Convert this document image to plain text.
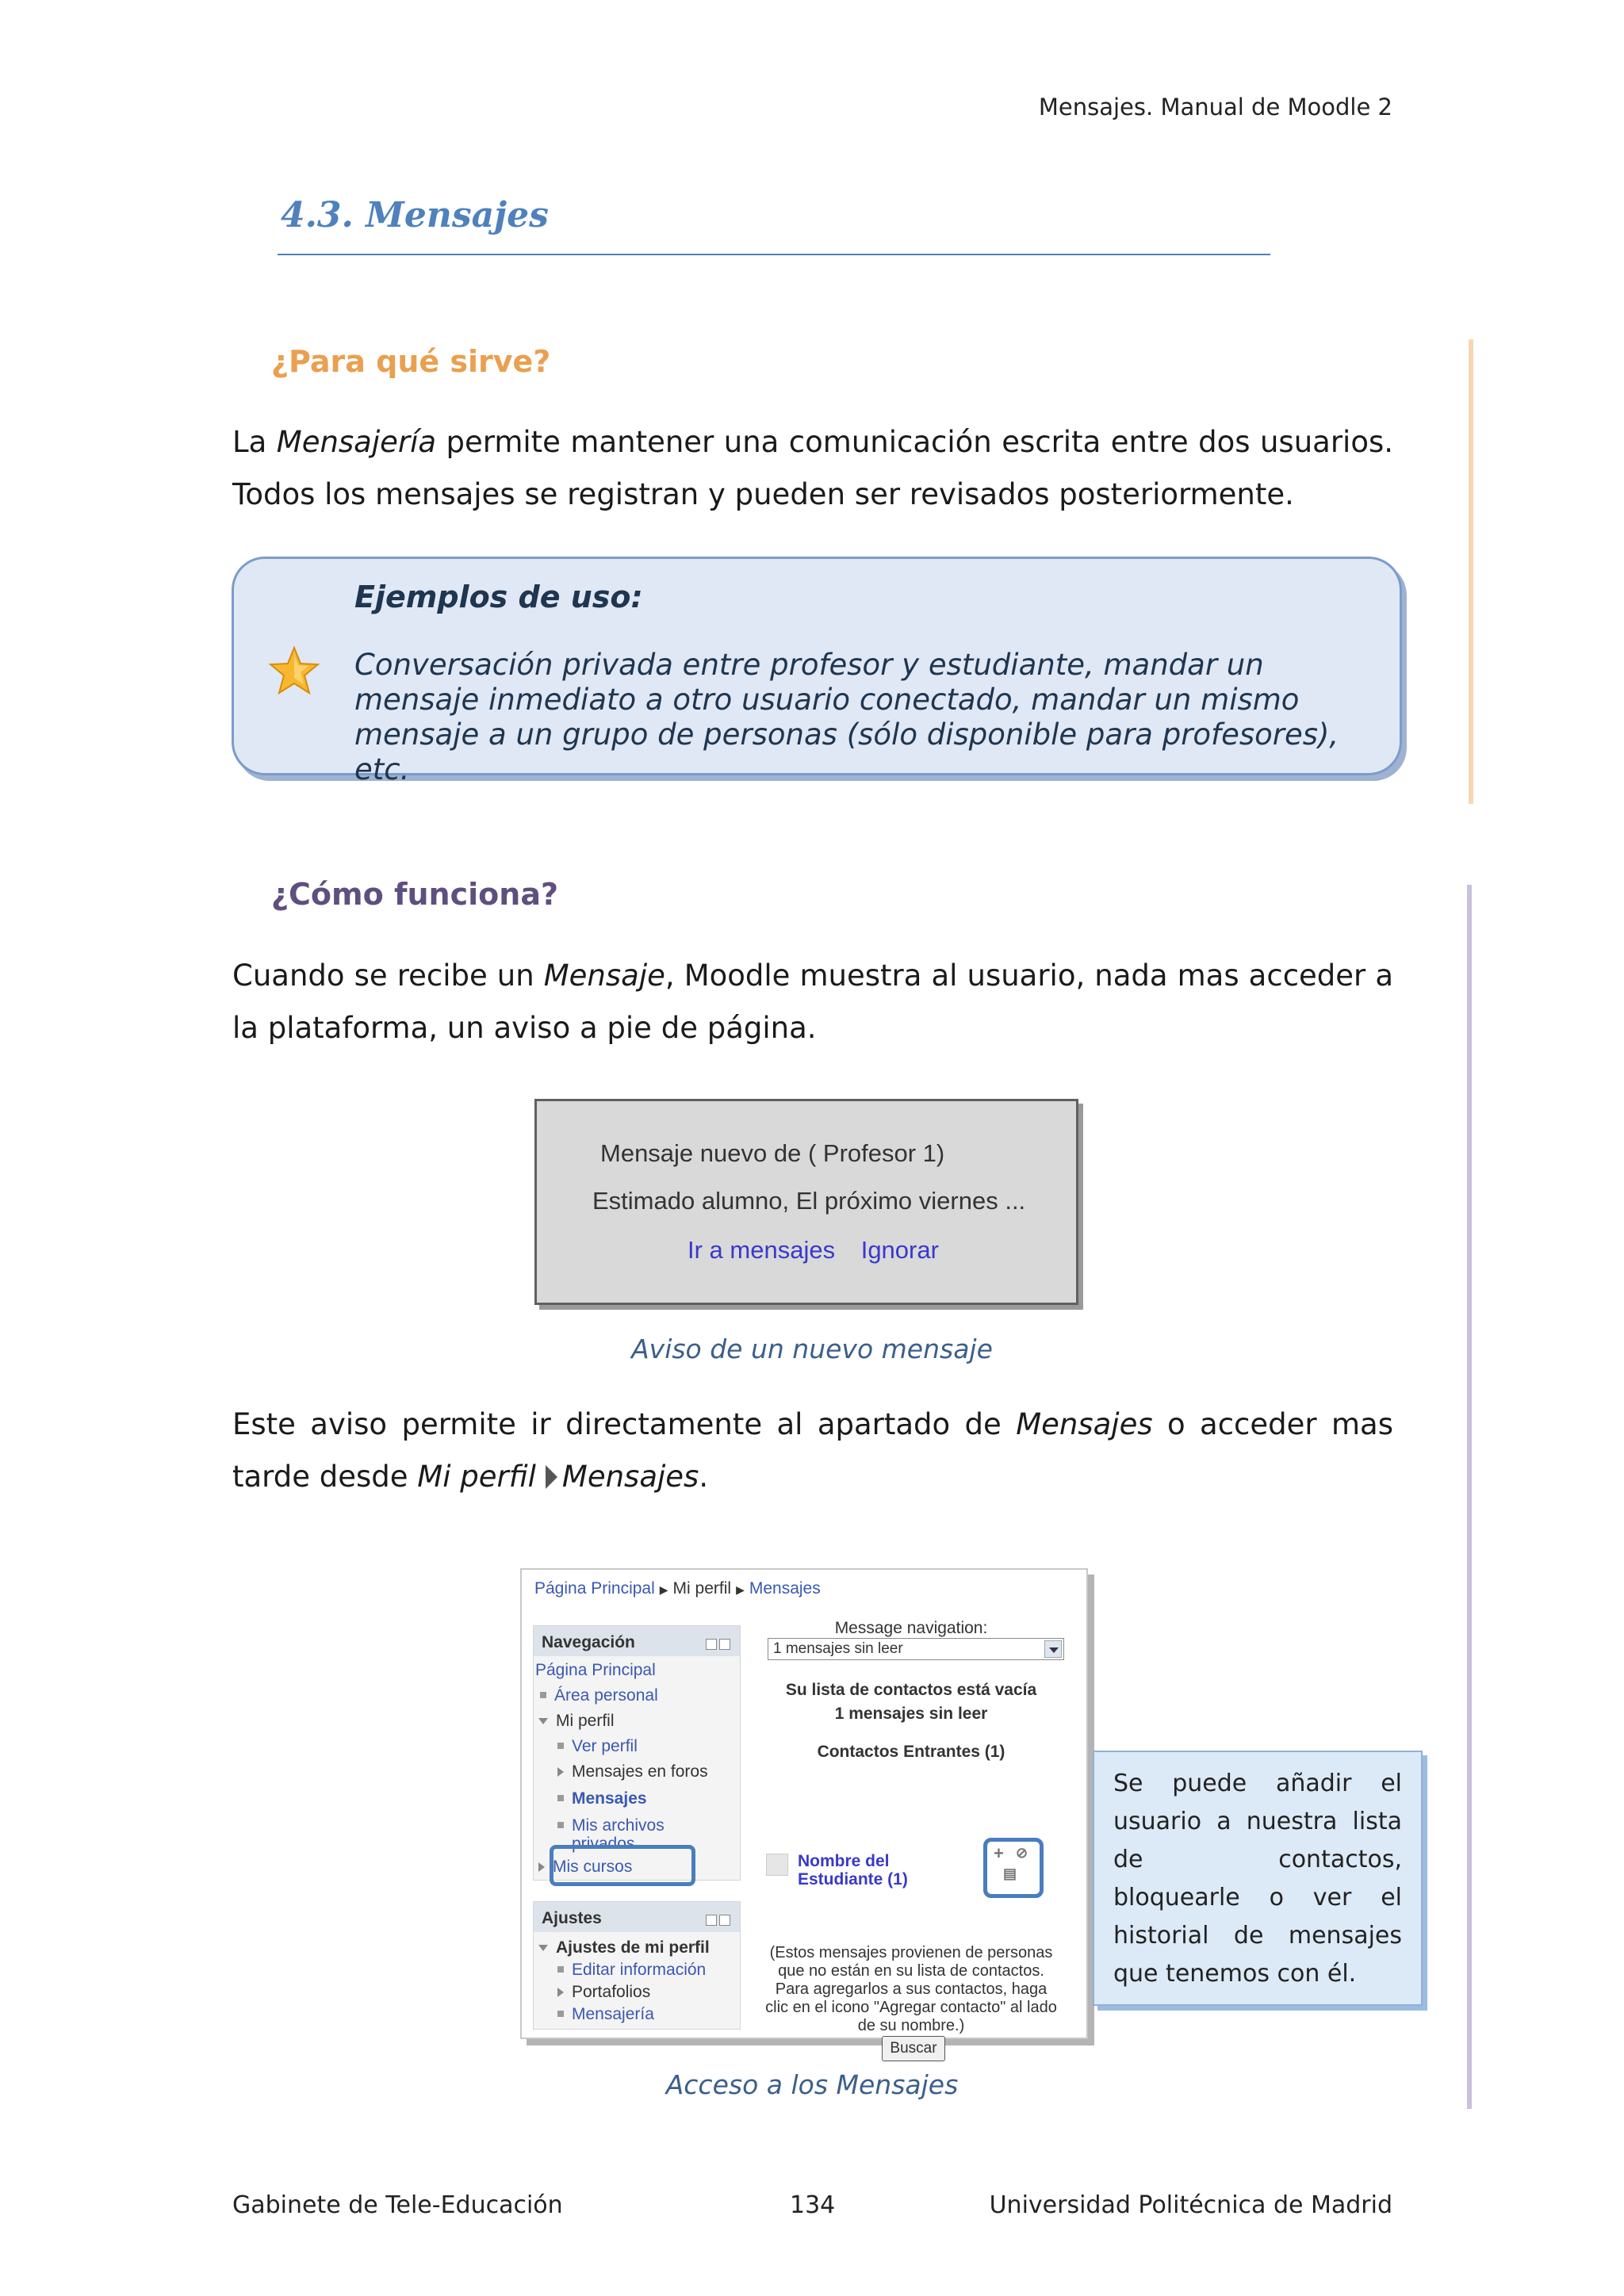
Mensajes. Manual de Moodle 2
4.3. Mensajes
¿Para qué sirve?

La Mensajería permite mantener una comunicación escrita entre dos usuarios. Todos los mensajes se registran y pueden ser revisados posteriormente.

Ejemplos de uso:
Conversación privada entre profesor y estudiante, mandar un mensaje inmediato a otro usuario conectado, mandar un mismo mensaje a un grupo de personas (sólo disponible para profesores), etc.
¿Cómo funciona?

Cuando se recibe un Mensaje, Moodle muestra al usuario, nada mas acceder a la plataforma, un aviso a pie de página.

Mensaje nuevo de ( Profesor 1)
Estimado alumno, El próximo viernes ...
Ir a mensajes Ignorar
Aviso de un nuevo mensaje

Este aviso permite ir directamente al apartado de Mensajes o acceder mas tarde desde Mi perfil Mensajes.

Página Principal ▶ Mi perfil ▶ Mensajes
Navegación
Página Principal
Área personal
Mi perfil
Ver perfil
Mensajes en foros
Mensajes
Mis archivos privados
Mis cursos
Ajustes
Ajustes de mi perfil
Editar información
Portafolios
Mensajería
Message navigation:
1 mensajes sin leer
Su lista de contactos está vacía
1 mensajes sin leer
Contactos Entrantes (1)
Nombre del
Estudiante (1)
+ ⊘
▤
(Estos mensajes provienen de personas que no están en su lista de contactos. Para agregarlos a sus contactos, haga clic en el icono "Agregar contacto" al lado de su nombre.)
Buscar
Se puede añadir el usuario a nuestra lista de contactos, bloquearle o ver el historial de mensajes que tenemos con él.
Acceso a los Mensajes
Gabinete de Tele-Educación	134	Universidad Politécnica de Madrid
